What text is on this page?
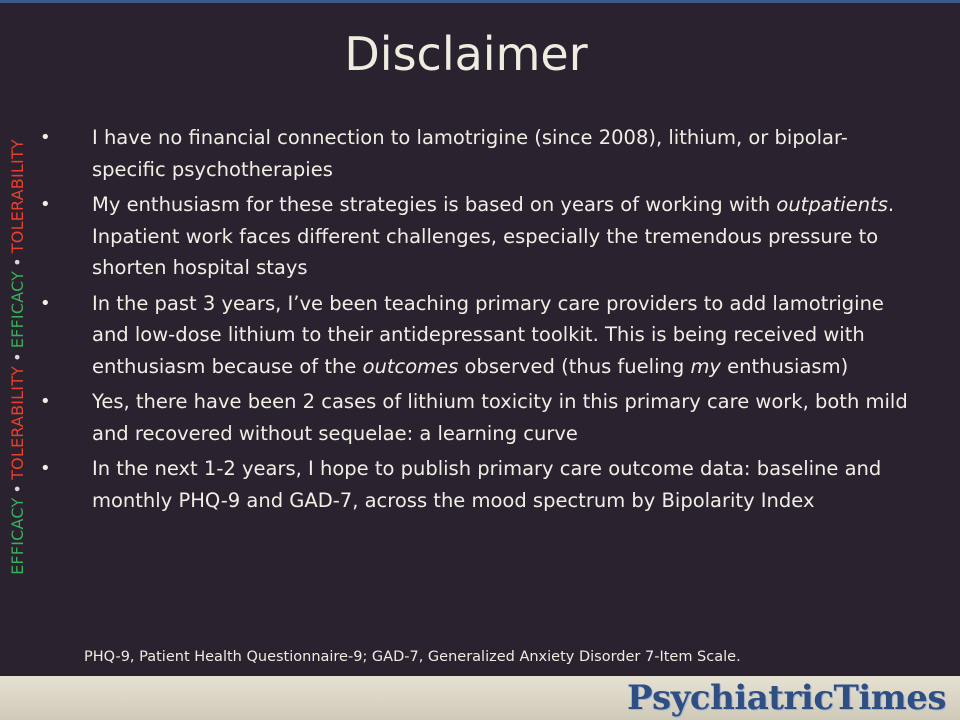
EFFICACY•TOLERABILITY•EFFICACY•TOLERABILITY
Disclaimer
• I have no financial connection to lamotrigine (since 2008), lithium, or bipolar-specific psychotherapies
• My enthusiasm for these strategies is based on years of working with outpatients. Inpatient work faces different challenges, especially the tremendous pressure to shorten hospital stays
• In the past 3 years, I’ve been teaching primary care providers to add lamotrigine and low-dose lithium to their antidepressant toolkit. This is being received with enthusiasm because of the outcomes observed (thus fueling my enthusiasm)
• Yes, there have been 2 cases of lithium toxicity in this primary care work, both mild and recovered without sequelae: a learning curve
• In the next 1-2 years, I hope to publish primary care outcome data: baseline and monthly PHQ-9 and GAD-7, across the mood spectrum by Bipolarity Index
PHQ-9, Patient Health Questionnaire-9; GAD-7, Generalized Anxiety Disorder 7-Item Scale.
PsychiatricTimes
